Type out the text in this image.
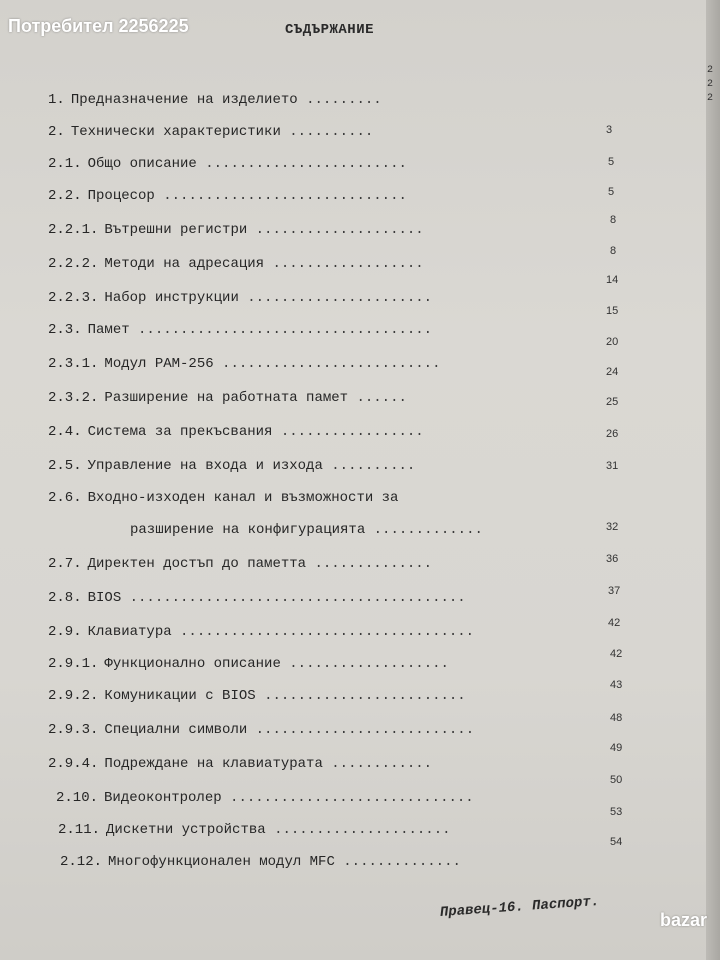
Потребител 2256225	СЪДЪРЖАНИЕ
2
2
2
1. Предназначение на изделието .........
2. Технически характеристики ..........
2.1. Общо описание ........................
2.2. Процесор .............................
2.2.1. Вътрешни регистри ....................
2.2.2. Методи на адресация ..................
2.2.3. Набор инструкции ......................
2.3. Памет ...................................
2.3.1. Модул РАМ-256 ..........................
2.3.2. Разширение на работната памет ......
2.4. Система за прекъсвания .................
2.5. Управление на входа и изхода ..........
2.6. Входно-изходен канал и възможности за
разширение на конфигурацията .............
2.7. Директен достъп до паметта ..............
2.8. BIOS ........................................
2.9. Клавиатура ...................................
2.9.1. Функционално описание ...................
2.9.2. Комуникации с BIOS ........................
2.9.3. Специални символи ..........................
2.9.4. Подреждане на клавиатурата ............
2.10. Видеоконтролер .............................
2.11. Дискетни устройства .....................
2.12. Многофункционален модул MFC ..............
3
5
5
8
8
14
15
20
24
25
26
31
32
36
37
42
42
43
48
49
50
53
54
Правец-16. Паспорт.	bazar
